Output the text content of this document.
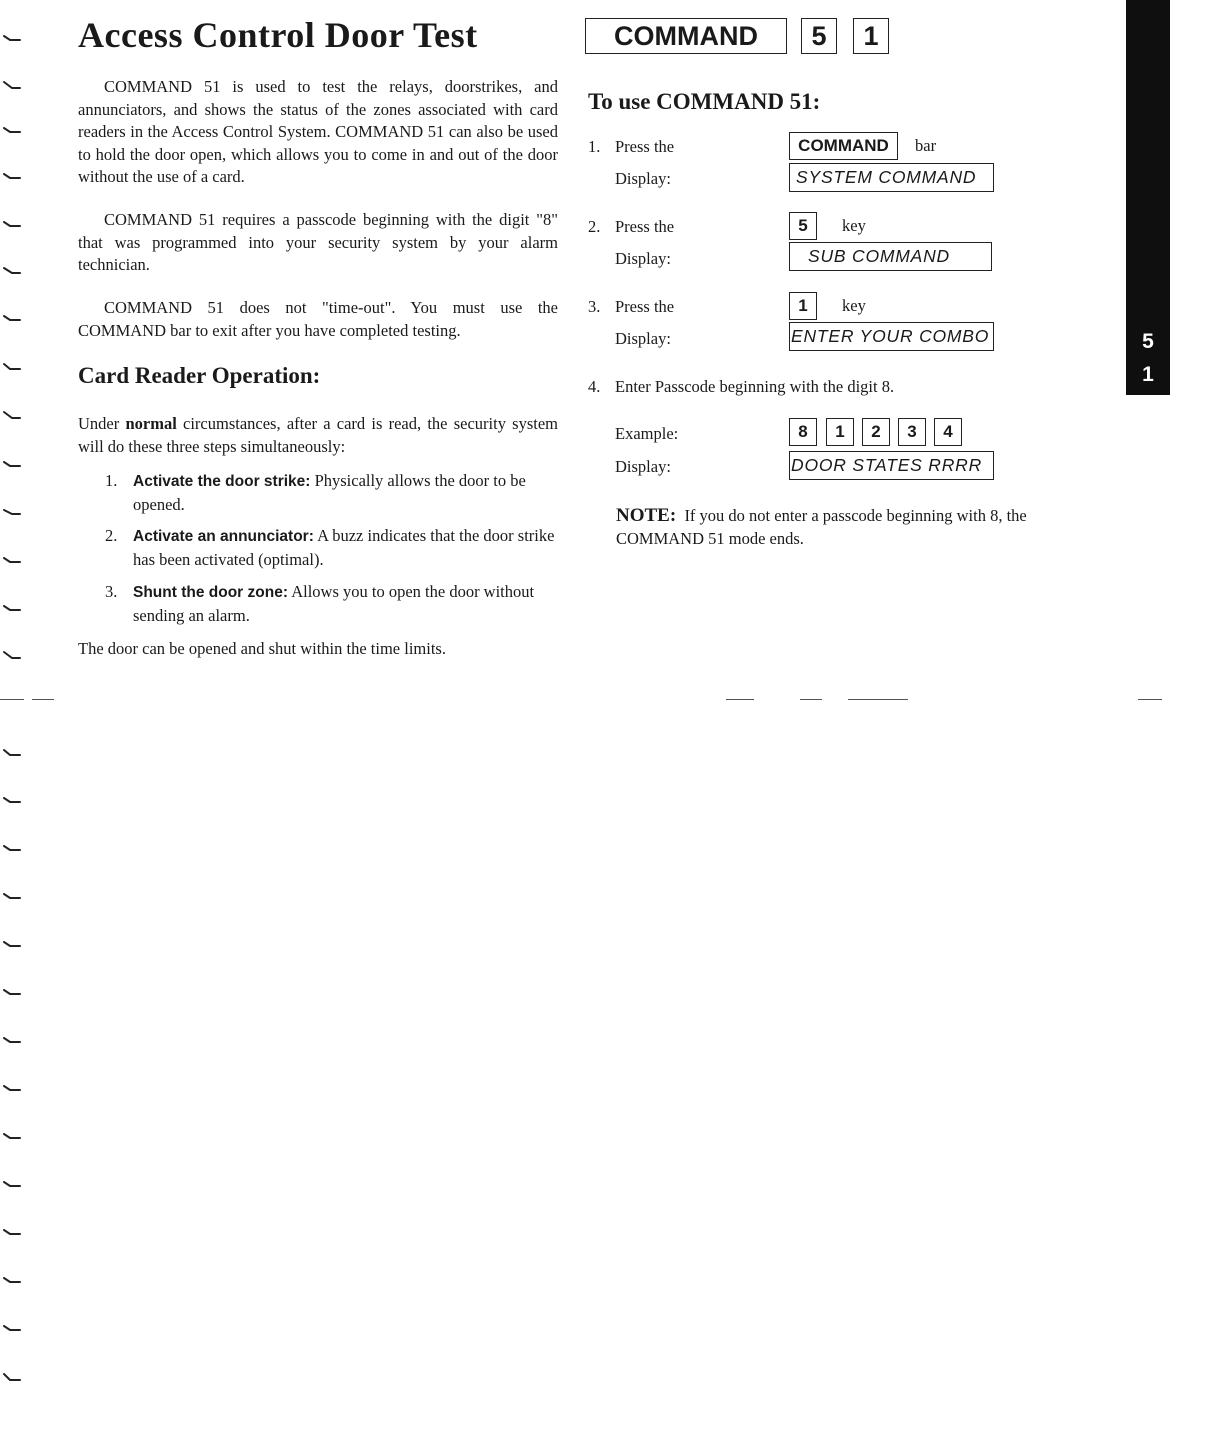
Access Control Door Test	COMMAND	5	1
COMMAND 51 is used to test the relays, doorstrikes, and annunciators, and shows the status of the zones associated with card readers in the Access Control System. COMMAND 51 can also be used to hold the door open, which allows you to come in and out of the door without the use of a card.
COMMAND 51 requires a passcode beginning with the digit "8" that was programmed into your security system by your alarm technician.
COMMAND 51 does not "time-out". You must use the COMMAND bar to exit after you have completed testing.
Card Reader Operation:
Under normal circumstances, after a card is read, the security system will do these three steps simultaneously:
1. Activate the door strike: Physically allows the door to be opened.
2. Activate an annunciator: A buzz indicates that the door strike has been activated (optimal).
3. Shunt the door zone: Allows you to open the door without sending an alarm.
The door can be opened and shut within the time limits.
To use COMMAND 51:
1. Press the	COMMAND	bar
Display:	SYSTEM COMMAND
2. Press the	5	key
Display:	SUB COMMAND
3. Press the	1	key
Display:	ENTER YOUR COMBO
4. Enter Passcode beginning with the digit 8.
Example:	8	1	2	3	4
Display:	DOOR STATES RRRR
NOTE: If you do not enter a passcode beginning with 8, the COMMAND 51 mode ends.
5
1
